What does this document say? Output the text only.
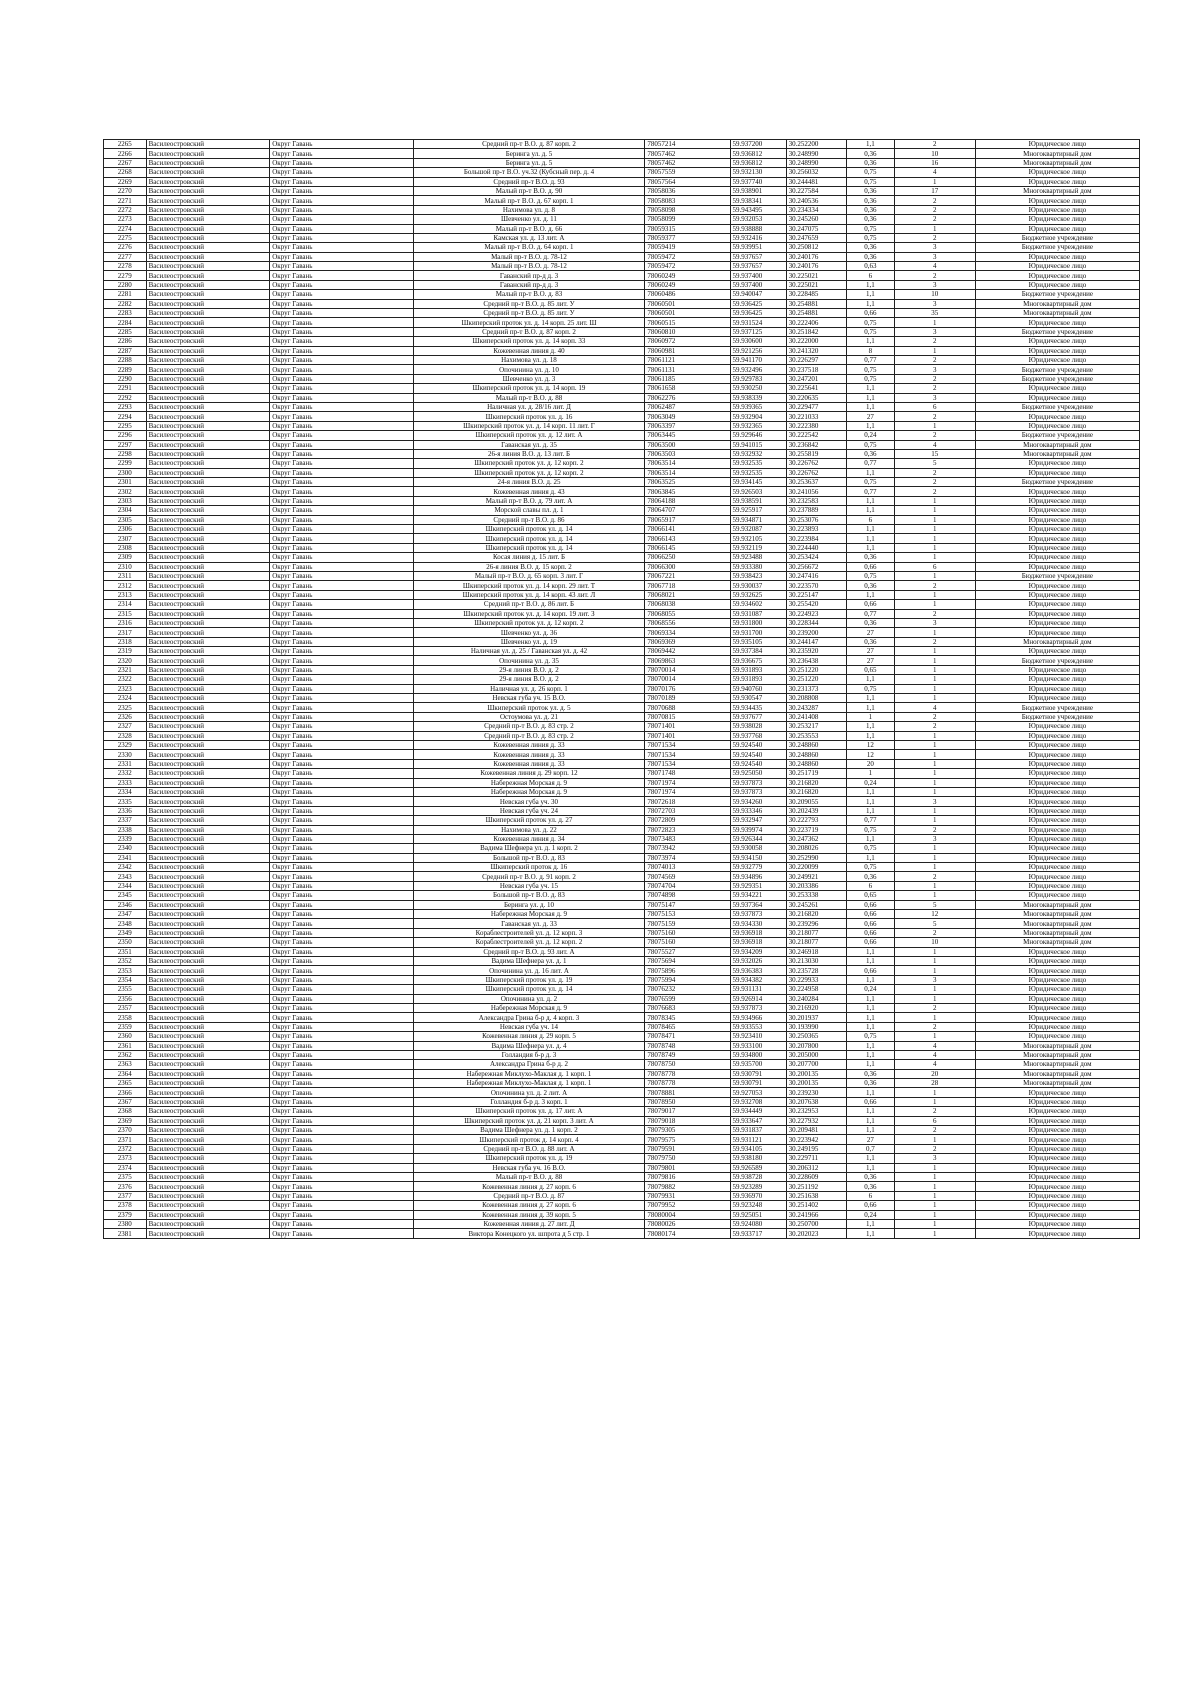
2265	Василеостровский	Округ Гавань	Средний пр-т В.О. д. 87 корп. 2	78057214	59.937200	30.252200	1,1	2	Юридическое лицо
2266	Василеостровский	Округ Гавань	Беринга ул. д. 5	78057462	59.936812	30.248990	0,36	10	Многоквартирный дом
2267	Василеостровский	Округ Гавань	Беринга ул. д. 5	78057462	59.936812	30.248990	0,36	16	Многоквартирный дом
2268	Василеостровский	Округ Гавань	Большой пр-т В.О. уч.32 (Кубсный пер. д. 4	78057559	59.932130	30.256032	0,75	4	Юридическое лицо
2269	Василеостровский	Округ Гавань	Средний пр-т В.О. д. 93	78057564	59.937740	30.244481	0,75	1	Юридическое лицо
2270	Василеостровский	Округ Гавань	Малый пр-т В.О. д. 90	78058036	59.938901	30.227584	0,36	17	Многоквартирный дом
2271	Василеостровский	Округ Гавань	Малый пр-т В.О. д. 67 корп. 1	78058083	59.938341	30.240536	0,36	2	Юридическое лицо
2272	Василеостровский	Округ Гавань	Нахимова ул. д. 8	78058098	59.943495	30.234334	0,36	2	Юридическое лицо
2273	Василеостровский	Округ Гавань	Шевченко ул. д. 11	78058099	59.932053	30.245260	0,36	2	Юридическое лицо
2274	Василеостровский	Округ Гавань	Малый пр-т В.О. д. 66	78059315	59.938888	30.247075	0,75	1	Юридическое лицо
2275	Василеостровский	Округ Гавань	Камская ул. д. 13 лит. А	78059377	59.932416	30.247659	0,75	2	Бюджетное учреждение
2276	Василеостровский	Округ Гавань	Малый пр-т В.О. д. 64 корп. 1	78059419	59.939951	30.250812	0,36	3	Бюджетное учреждение
2277	Василеостровский	Округ Гавань	Малый пр-т В.О. д. 78-12	78059472	59.937657	30.240176	0,36	3	Юридическое лицо
2278	Василеостровский	Округ Гавань	Малый пр-т В.О. д. 78-12	78059472	59.937657	30.240176	0,63	4	Юридическое лицо
2279	Василеостровский	Округ Гавань	Гаванский пр-д д. 3	78060249	59.937400	30.225021	6	2	Юридическое лицо
2280	Василеостровский	Округ Гавань	Гаванский пр-д д. 3	78060249	59.937400	30.225021	1,1	3	Юридическое лицо
2281	Василеостровский	Округ Гавань	Малый пр-т В.О. д. 83	78060486	59.940047	30.228485	1,1	10	Бюджетное учреждение
2282	Василеостровский	Округ Гавань	Средний пр-т В.О. д. 85 лит. У	78060501	59.936425	30.254881	1,1	3	Многоквартирный дом
2283	Василеостровский	Округ Гавань	Средний пр-т В.О. д. 85 лит. У	78060501	59.936425	30.254881	0,66	35	Многоквартирный дом
2284	Василеостровский	Округ Гавань	Шкиперский проток ул. д. 14 корп. 25 лит. Ш	78060515	59.931524	30.222406	0,75	1	Юридическое лицо
2285	Василеостровский	Округ Гавань	Средний пр-т В.О. д. 87 корп. 2	78060810	59.937125	30.251842	0,75	3	Бюджетное учреждение
2286	Василеостровский	Округ Гавань	Шкиперский проток ул. д. 14 корп. 33	78060972	59.930600	30.222000	1,1	2	Юридическое лицо
2287	Василеостровский	Округ Гавань	Кожевенная линия д. 40	78060981	59.921256	30.241320	8	1	Юридическое лицо
2288	Василеостровский	Округ Гавань	Нахимова ул. д. 18	78061121	59.941170	30.226297	0,77	2	Юридическое лицо
2289	Василеостровский	Округ Гавань	Опочинина ул. д. 10	78061131	59.932496	30.237518	0,75	3	Бюджетное учреждение
2290	Василеостровский	Округ Гавань	Шевченко ул. д. 3	78061185	59.929783	30.247201	0,75	2	Бюджетное учреждение
2291	Василеостровский	Округ Гавань	Шкиперский проток ул. д. 14 корп. 19	78061658	59.930250	30.225641	1,1	2	Юридическое лицо
2292	Василеостровский	Округ Гавань	Малый пр-т В.О. д. 88	78062276	59.938339	30.220635	1,1	3	Юридическое лицо
2293	Василеостровский	Округ Гавань	Наличная ул. д. 28/16 лит. Д	78062487	59.939365	30.229477	1,1	6	Бюджетное учреждение
2294	Василеостровский	Округ Гавань	Шкиперский проток ул. д. 16	78063049	59.932904	30.221033	27	2	Юридическое лицо
2295	Василеостровский	Округ Гавань	Шкиперский проток ул. д. 14 корп. 11 лит. Г	78063397	59.932365	30.222380	1,1	1	Юридическое лицо
2296	Василеостровский	Округ Гавань	Шкиперский проток ул. д. 12 лит. А	78063445	59.929646	30.222542	0,24	2	Бюджетное учреждение
2297	Василеостровский	Округ Гавань	Гаванская ул. д. 35	78063500	59.941015	30.236842	0,75	4	Многоквартирный дом
2298	Василеостровский	Округ Гавань	26-я линия В.О. д. 13 лит. Б	78063503	59.932932	30.255819	0,36	15	Многоквартирный дом
2299	Василеостровский	Округ Гавань	Шкиперский проток ул. д. 12 корп. 2	78063514	59.932535	30.226762	0,77	5	Юридическое лицо
2300	Василеостровский	Округ Гавань	Шкиперский проток ул. д. 12 корп. 2	78063514	59.932535	30.226762	1,1	2	Юридическое лицо
2301	Василеостровский	Округ Гавань	24-я линия В.О. д. 25	78063525	59.934145	30.253637	0,75	2	Бюджетное учреждение
2302	Василеостровский	Округ Гавань	Кожевенная линия д. 43	78063845	59.926503	30.241056	0,77	2	Юридическое лицо
2303	Василеостровский	Округ Гавань	Малый пр-т В.О. д. 79 лит. А	78064188	59.938591	30.232583	1,1	1	Юридическое лицо
2304	Василеостровский	Округ Гавань	Морской славы пл. д. 1	78064707	59.925917	30.237889	1,1	1	Юридическое лицо
2305	Василеостровский	Округ Гавань	Средний пр-т В.О. д. 86	78065917	59.934871	30.253076	6	1	Юридическое лицо
2306	Василеостровский	Округ Гавань	Шкиперский проток ул. д. 14	78066141	59.932087	30.223893	1,1	1	Юридическое лицо
2307	Василеостровский	Округ Гавань	Шкиперский проток ул. д. 14	78066143	59.932105	30.223984	1,1	1	Юридическое лицо
2308	Василеостровский	Округ Гавань	Шкиперский проток ул. д. 14	78066145	59.932119	30.224440	1,1	1	Юридическое лицо
2309	Василеостровский	Округ Гавань	Косая линия д. 15 лит. Б	78066250	59.923488	30.253424	0,36	1	Юридическое лицо
2310	Василеостровский	Округ Гавань	26-я линия В.О. д. 15 корп. 2	78066300	59.933380	30.256672	0,66	6	Юридическое лицо
2311	Василеостровский	Округ Гавань	Малый пр-т В.О. д. 65 корп. 3 лит. Г	78067221	59.938423	30.247416	0,75	1	Бюджетное учреждение
2312	Василеостровский	Округ Гавань	Шкиперский проток ул. д. 14 корп. 29 лит. Т	78067718	59.930037	30.223570	0,36	2	Юридическое лицо
2313	Василеостровский	Округ Гавань	Шкиперский проток ул. д. 14 корп. 43 лит. Л	78068021	59.932625	30.225147	1,1	1	Юридическое лицо
2314	Василеостровский	Округ Гавань	Средний пр-т В.О. д. 86 лит. Б	78068038	59.934602	30.255420	0,66	1	Юридическое лицо
2315	Василеостровский	Округ Гавань	Шкиперский проток ул. д. 14 корп. 19 лит. З	78068055	59.931087	30.224923	0,77	2	Юридическое лицо
2316	Василеостровский	Округ Гавань	Шкиперский проток ул. д. 12 корп. 2	78068556	59.931800	30.228344	0,36	3	Юридическое лицо
2317	Василеостровский	Округ Гавань	Шевченко ул. д. 36	78069334	59.931700	30.239200	27	1	Юридическое лицо
2318	Василеостровский	Округ Гавань	Шевченко ул. д. 19	78069369	59.935105	30.244147	0,36	2	Многоквартирный дом
2319	Василеостровский	Округ Гавань	Наличная ул. д. 25 / Гаванская ул. д. 42	78069442	59.937384	30.235920	27	1	Юридическое лицо
2320	Василеостровский	Округ Гавань	Опочинина ул. д. 35	78069863	59.936675	30.236438	27	1	Бюджетное учреждение
2321	Василеостровский	Округ Гавань	29-я линия В.О. д. 2	78070014	59.931893	30.251220	0,65	1	Юридическое лицо
2322	Василеостровский	Округ Гавань	29-я линия В.О. д. 2	78070014	59.931893	30.251220	1,1	1	Юридическое лицо
2323	Василеостровский	Округ Гавань	Наличная ул. д. 26 корп. 1	78070176	59.940760	30.231373	0,75	1	Юридическое лицо
2324	Василеостровский	Округ Гавань	Невская губа уч. 15 В.О.	78070189	59.930547	30.208808	1,1	1	Юридическое лицо
2325	Василеостровский	Округ Гавань	Шкиперский проток ул. д. 5	78070688	59.934435	30.243287	1,1	4	Бюджетное учреждение
2326	Василеостровский	Округ Гавань	Остоумова ул. д. 21	78070815	59.937677	30.241408	1	2	Бюджетное учреждение
2327	Василеостровский	Округ Гавань	Средний пр-т В.О. д. 83 стр. 2	78071401	59.938028	30.253217	1,1	2	Юридическое лицо
2328	Василеостровский	Округ Гавань	Средний пр-т В.О. д. 83 стр. 2	78071401	59.937768	30.253553	1,1	1	Юридическое лицо
2329	Василеостровский	Округ Гавань	Кожевенная линия д. 33	78071534	59.924540	30.248860	12	1	Юридическое лицо
2330	Василеостровский	Округ Гавань	Кожевенная линия д. 33	78071534	59.924540	30.248860	12	1	Юридическое лицо
2331	Василеостровский	Округ Гавань	Кожевенная линия д. 33	78071534	59.924540	30.248860	20	1	Юридическое лицо
2332	Василеостровский	Округ Гавань	Кожевенная линия д. 29 корп. 12	78071748	59.925050	30.251719	1	1	Юридическое лицо
2333	Василеостровский	Округ Гавань	Набережная Морская д. 9	78071974	59.937873	30.216820	0,24	1	Юридическое лицо
2334	Василеостровский	Округ Гавань	Набережная Морская д. 9	78071974	59.937873	30.216820	1,1	1	Юридическое лицо
2335	Василеостровский	Округ Гавань	Невская губа уч. 30	78072618	59.934260	30.209055	1,1	3	Юридическое лицо
2336	Василеостровский	Округ Гавань	Невская губа уч. 24	78072703	59.933346	30.202439	1,1	1	Юридическое лицо
2337	Василеостровский	Округ Гавань	Шкиперский проток ул. д. 27	78072809	59.932947	30.222793	0,77	1	Юридическое лицо
2338	Василеостровский	Округ Гавань	Нахимова ул. д. 22	78072823	59.939974	30.223719	0,75	2	Юридическое лицо
2339	Василеостровский	Округ Гавань	Кожевенная линия д. 34	78073483	59.926344	30.247362	1,1	3	Юридическое лицо
2340	Василеостровский	Округ Гавань	Вадима Шефнера ул. д. 1 корп. 2	78073942	59.930058	30.208026	0,75	1	Юридическое лицо
2341	Василеостровский	Округ Гавань	Большой пр-т В.О. д. 83	78073974	59.934150	30.252990	1,1	1	Юридическое лицо
2342	Василеостровский	Округ Гавань	Шкиперский проток д. 16	78074013	59.932779	30.220099	0,75	1	Юридическое лицо
2343	Василеостровский	Округ Гавань	Средний пр-т В.О. д. 91 корп. 2	78074569	59.934896	30.249921	0,36	2	Юридическое лицо
2344	Василеостровский	Округ Гавань	Невская губа уч. 15	78074704	59.929351	30.203386	6	1	Юридическое лицо
2345	Василеостровский	Округ Гавань	Большой пр-т В.О. д. 83	78074898	59.934221	30.253338	0,65	1	Юридическое лицо
2346	Василеостровский	Округ Гавань	Беринга ул. д. 10	78075147	59.937364	30.245261	0,66	5	Многоквартирный дом
2347	Василеостровский	Округ Гавань	Набережная Морская д. 9	78075153	59.937873	30.216820	0,66	12	Многоквартирный дом
2348	Василеостровский	Округ Гавань	Гаванская ул. д. 33	78075159	59.934330	30.239296	0,66	5	Многоквартирный дом
2349	Василеостровский	Округ Гавань	Кораблестроителей ул. д. 12 корп. 3	78075160	59.936918	30.218077	0,66	2	Многоквартирный дом
2350	Василеостровский	Округ Гавань	Кораблестроителей ул. д. 12 корп. 2	78075160	59.936918	30.218077	0,66	10	Многоквартирный дом
2351	Василеостровский	Округ Гавань	Средний пр-т В.О. д. 93 лит. А	78075527	59.934209	30.246918	1,1	1	Юридическое лицо
2352	Василеостровский	Округ Гавань	Вадима Шефнера ул. д. 1	78075694	59.932026	30.213030	1,1	1	Юридическое лицо
2353	Василеостровский	Округ Гавань	Опочинина ул. д. 16 лит. А	78075896	59.936383	30.235728	0,66	1	Юридическое лицо
2354	Василеостровский	Округ Гавань	Шкиперский проток ул. д. 19	78075994	59.934382	30.229933	1,1	3	Юридическое лицо
2355	Василеостровский	Округ Гавань	Шкиперский проток ул. д. 14	78076232	59.931131	30.224958	0,24	1	Юридическое лицо
2356	Василеостровский	Округ Гавань	Опочинина ул. д. 2	78076599	59.926914	30.240284	1,1	1	Юридическое лицо
2357	Василеостровский	Округ Гавань	Набережная Морская д. 9	78076683	59.937873	30.216920	1,1	2	Юридическое лицо
2358	Василеостровский	Округ Гавань	Александра Грина б-р д. 4 корп. 3	78078345	59.934966	30.201937	1,1	1	Юридическое лицо
2359	Василеостровский	Округ Гавань	Невская губа уч. 14	78078465	59.933553	30.193990	1,1	2	Юридическое лицо
2360	Василеостровский	Округ Гавань	Кожевенная линия д. 29 корп. 5	78078471	59.923410	30.250365	0,75	1	Юридическое лицо
2361	Василеостровский	Округ Гавань	Вадима Шефнера ул. д. 4	78078748	59.933100	30.207800	1,1	4	Многоквартирный дом
2362	Василеостровский	Округ Гавань	Голландия б-р д. 3	78078749	59.934800	30.205000	1,1	4	Многоквартирный дом
2363	Василеостровский	Округ Гавань	Александра Грина б-р д. 2	78078750	59.935700	30.207700	1,1	4	Многоквартирный дом
2364	Василеостровский	Округ Гавань	Набережная Миклухо-Маклая д. 1 корп. 1	78078778	59.930791	30.200135	0,36	20	Многоквартирный дом
2365	Василеостровский	Округ Гавань	Набережная Миклухо-Маклая д. 1 корп. 1	78078778	59.930791	30.200135	0,36	28	Многоквартирный дом
2366	Василеостровский	Округ Гавань	Опочинина ул. д. 2 лит. А	78078881	59.927053	30.239230	1,1	1	Юридическое лицо
2367	Василеостровский	Округ Гавань	Голландия б-р д. 3 корп. 1	78078950	59.932708	30.207638	0,66	1	Юридическое лицо
2368	Василеостровский	Округ Гавань	Шкиперский проток ул. д. 17 лит. А	78079017	59.934449	30.232953	1,1	2	Юридическое лицо
2369	Василеостровский	Округ Гавань	Шкиперский проток ул. д. 21 корп. 3 лит. А	78079018	59.933647	30.227932	1,1	6	Юридическое лицо
2370	Василеостровский	Округ Гавань	Вадима Шефнера ул. д. 1 корп. 2	78079305	59.931837	30.209481	1,1	2	Юридическое лицо
2371	Василеостровский	Округ Гавань	Шкиперский проток д. 14 корп. 4	78079575	59.931121	30.223942	27	1	Юридическое лицо
2372	Василеостровский	Округ Гавань	Средний пр-т В.О. д. 88 лит. А	78079591	59.934105	30.249195	0,7	2	Юридическое лицо
2373	Василеостровский	Округ Гавань	Шкиперский проток ул. д. 19	78079750	59.938180	30.229711	1,1	3	Юридическое лицо
2374	Василеостровский	Округ Гавань	Невская губа уч. 16 В.О.	78079801	59.926589	30.206312	1,1	1	Юридическое лицо
2375	Василеостровский	Округ Гавань	Малый пр-т В.О. д. 88	78079816	59.938728	30.228609	0,36	1	Юридическое лицо
2376	Василеостровский	Округ Гавань	Кожевенная линия д. 27 корп. 6	78079882	59.923289	30.251192	0,36	1	Юридическое лицо
2377	Василеостровский	Округ Гавань	Средний пр-т В.О. д. 87	78079931	59.936970	30.251638	6	1	Юридическое лицо
2378	Василеостровский	Округ Гавань	Кожевенная линия д. 27 корп. 6	78079952	59.923248	30.251402	0,66	1	Юридическое лицо
2379	Василеостровский	Округ Гавань	Кожевенная линия д. 39 корп. 5	78080004	59.925051	30.241966	0,24	1	Юридическое лицо
2380	Василеостровский	Округ Гавань	Кожевенная линия д. 27 лит. Д	78080026	59.924080	30.250700	1,1	1	Юридическое лицо
2381	Василеостровский	Округ Гавань	Виктора Конецкого ул. шпрота д 5 стр. 1	78080174	59.933717	30.202023	1,1	1	Юридическое лицо
